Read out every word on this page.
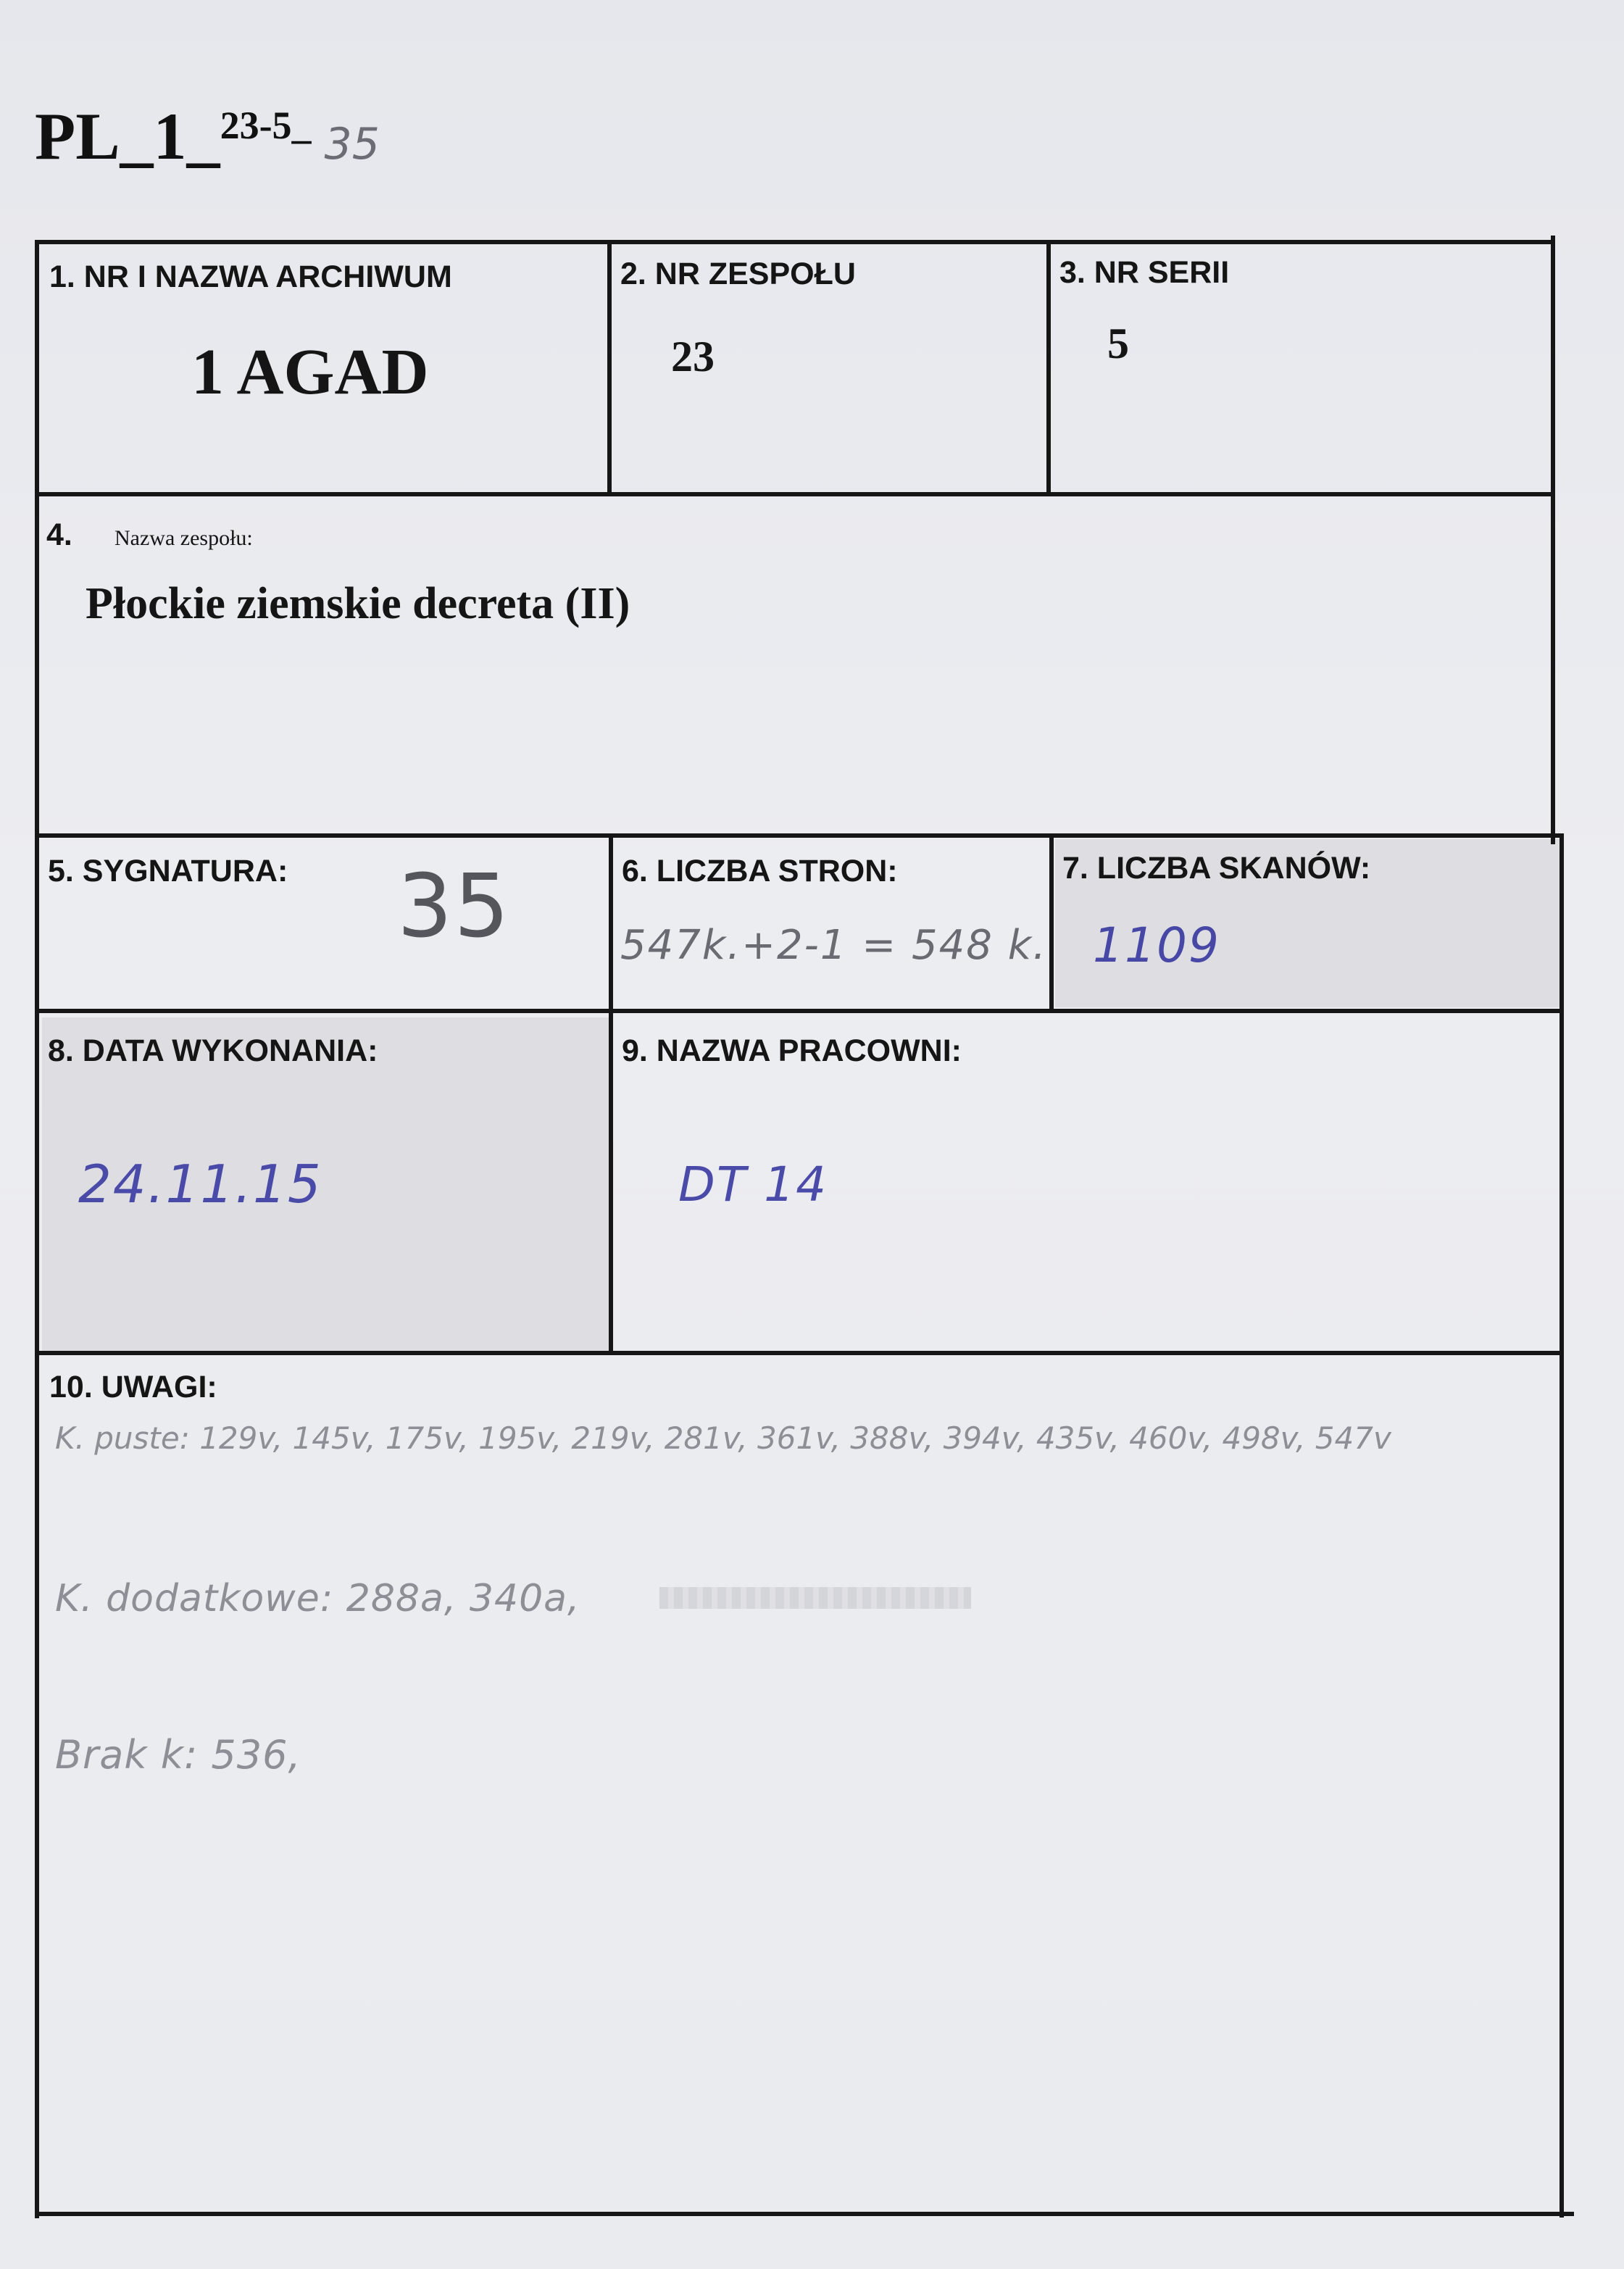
PL_1_23-5_ 35
1. NR I NAZWA ARCHIWUM
1 AGAD
2. NR ZESPOŁU
23
3. NR SERII
5
4. Nazwa zespołu:
Płockie ziemskie decreta (II)
5. SYGNATURA: 35	6. LICZBA STRON:
547k.+2-1 = 548 k.
7. LICZBA SKANÓW:
1109
8. DATA WYKONANIA:
24.11.15
9. NAZWA PRACOWNI:
DT 14
10. UWAGI:
K. puste: 129v, 145v, 175v, 195v, 219v, 281v, 361v, 388v, 394v, 435v, 460v, 498v, 547v
K. dodatkowe: 288a, 340a,
Brak k: 536,
